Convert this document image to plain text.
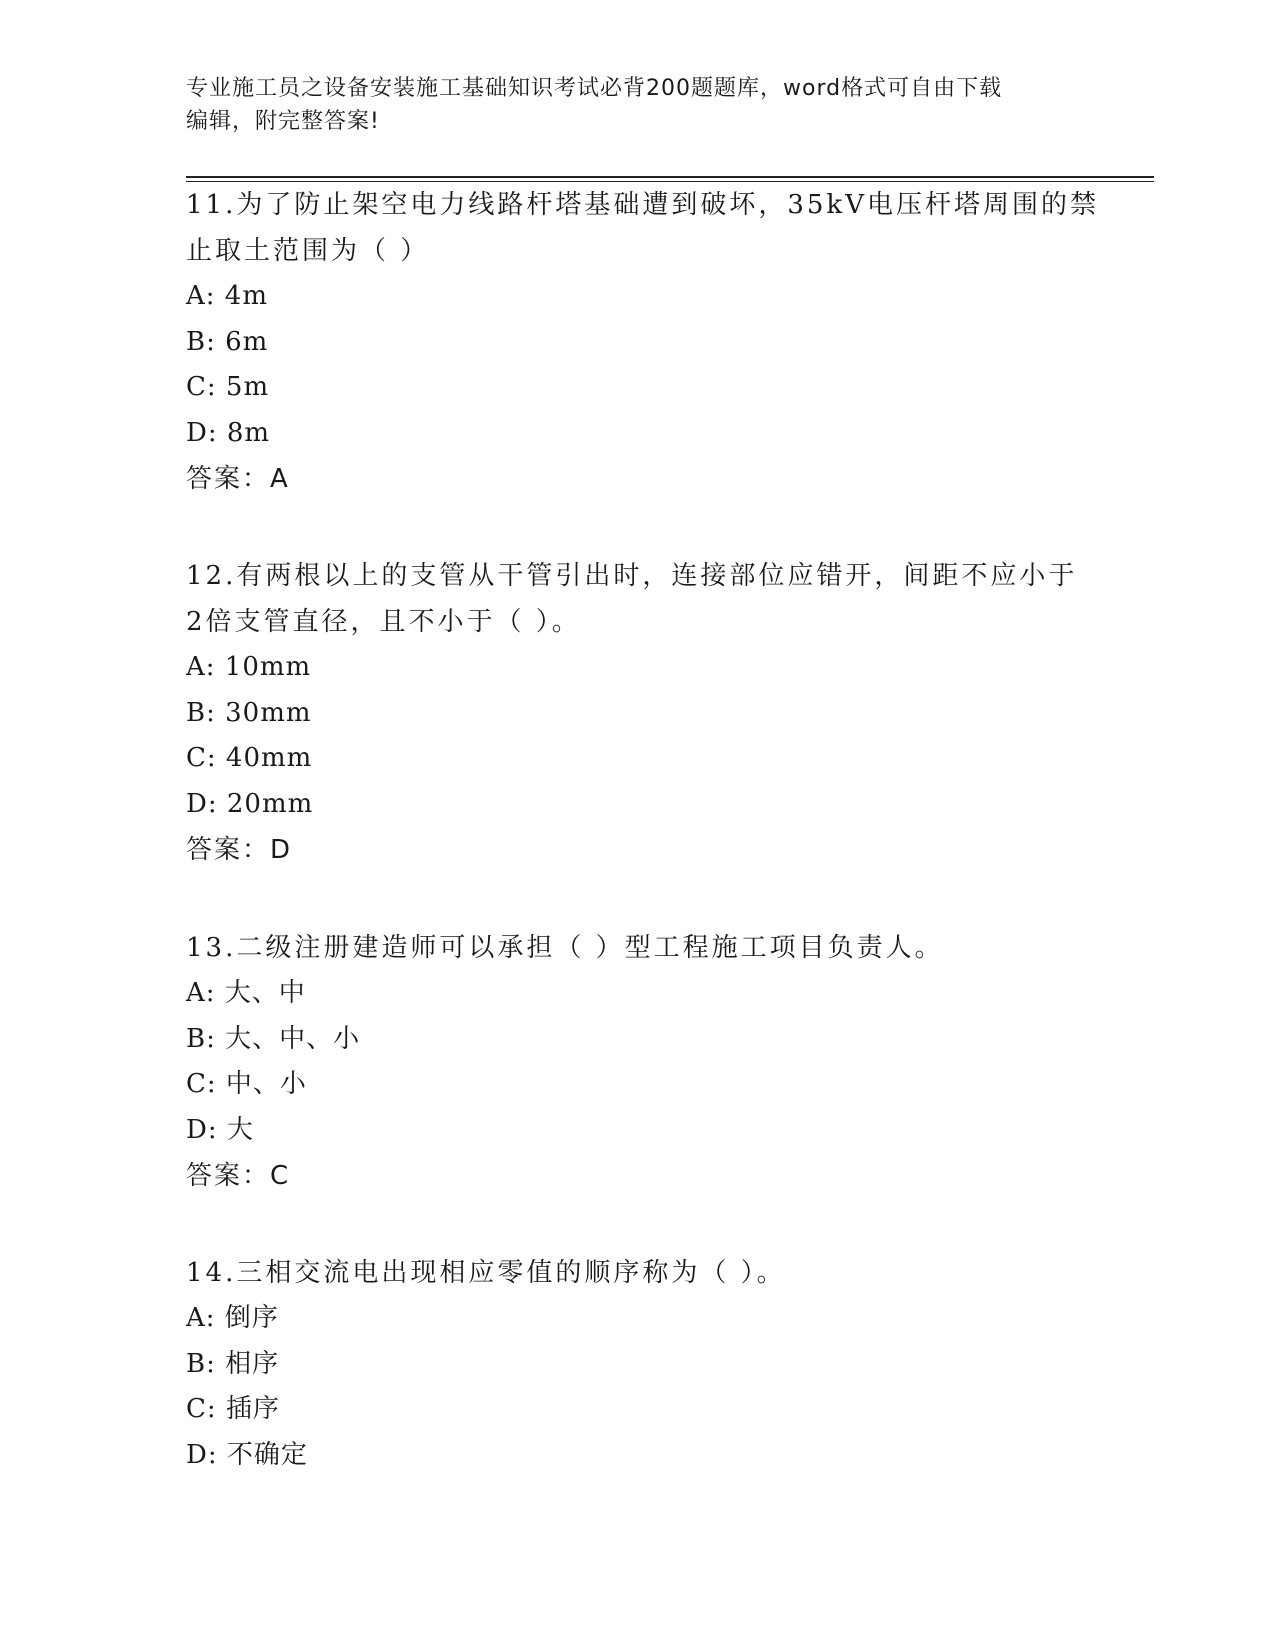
专业施工员之设备安装施工基础知识考试必背200题题库，word格式可自由下载
编辑，附完整答案!
11.为了防止架空电力线路杆塔基础遭到破坏，35kV电压杆塔周围的禁
止取土范围为（ ）
A: 4m
B: 6m
C: 5m
D: 8m
答案：A
12.有两根以上的支管从干管引出时，连接部位应错开，间距不应小于
2倍支管直径，且不小于（ ）。
A: 10mm
B: 30mm
C: 40mm
D: 20mm
答案：D
13.二级注册建造师可以承担（ ）型工程施工项目负责人。
A: 大、中
B: 大、中、小
C: 中、小
D: 大
答案：C
14.三相交流电出现相应零值的顺序称为（ ）。
A: 倒序
B: 相序
C: 插序
D: 不确定
